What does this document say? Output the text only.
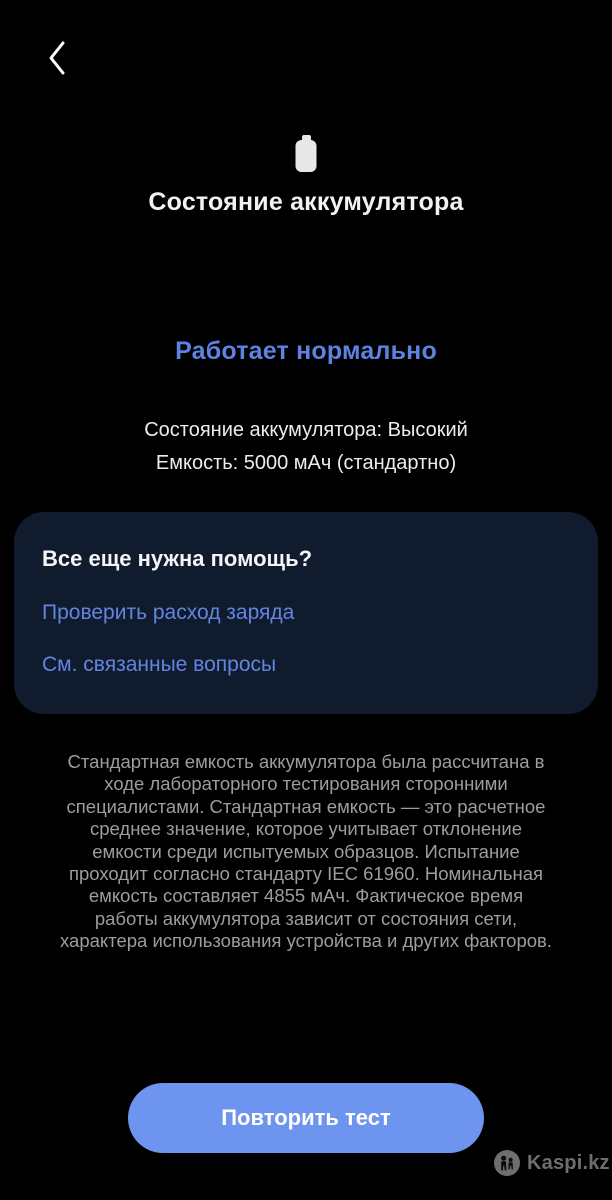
Состояние аккумулятора
Работает нормально
Состояние аккумулятора: Высокий
Емкость: 5000 мАч (стандартно)
Все еще нужна помощь?
Проверить расход заряда
См. связанные вопросы
Стандартная емкость аккумулятора была рассчитана в ходе лабораторного тестирования сторонними специалистами. Стандартная емкость — это расчетное среднее значение, которое учитывает отклонение емкости среди испытуемых образцов. Испытание проходит согласно стандарту IEC 61960. Номинальная емкость составляет 4855 мАч. Фактическое время работы аккумулятора зависит от состояния сети, характера использования устройства и других факторов.
Повторить тест
Kaspi.kz
